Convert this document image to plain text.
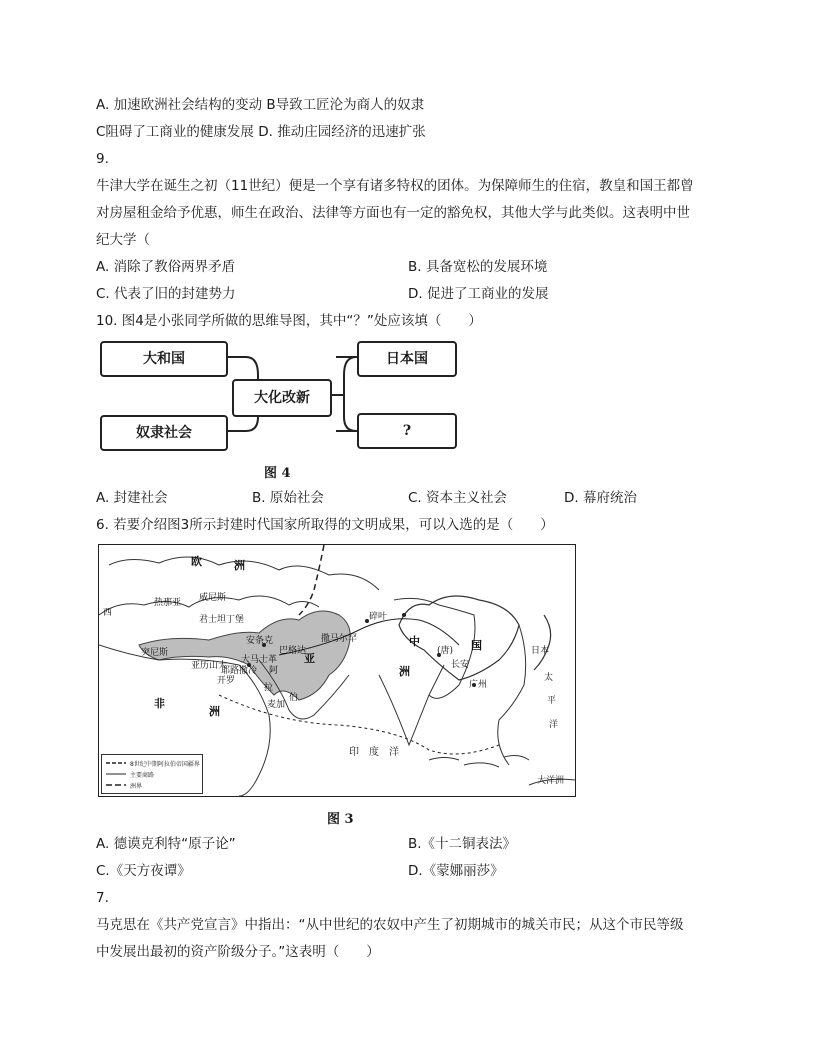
A. 加速欧洲社会结构的变动 B导致工匠沦为商人的奴隶
C阻碍了工商业的健康发展 D. 推动庄园经济的迅速扩张
9.
牛津大学在诞生之初（11世纪）便是一个享有诸多特权的团体。为保障师生的住宿，教皇和国王都曾
对房屋租金给予优惠，师生在政治、法律等方面也有一定的豁免权，其他大学与此类似。这表明中世
纪大学（
A. 消除了教俗两界矛盾	B. 具备宽松的发展环境
C. 代表了旧的封建势力	D. 促进了工商业的发展
10. 图4是小张同学所做的思维导图，其中“？”处应该填（　　）
大和国
奴隶社会
大化改新
日本国
?
图 4
A. 封建社会	B. 原始社会	C. 资本主义社会	D. 幕府统治
6. 若要介绍图3所示封建时代国家所取得的文明成果，可以入选的是（　　）
欧	洲
西
威尼斯
热那亚
君士坦丁堡
安条克
大马士革
巴格达
耶路撒冷
亚历山大
开罗
麦加
突尼斯
撒马尔罕
碎叶
亚
中	国
(唐)
长安
广州
洲
日本
非
洲
阿
拉
伯
太
平
洋
印　度　洋
大洋洲
8世纪中期阿拉伯帝国疆界
主要商路
洲界
图 3
A. 德谟克利特“原子论”	B.《十二铜表法》
C.《天方夜谭》	D.《蒙娜丽莎》
7.
马克思在《共产党宣言》中指出：“从中世纪的农奴中产生了初期城市的城关市民；从这个市民等级
中发展出最初的资产阶级分子。”这表明（　　）
